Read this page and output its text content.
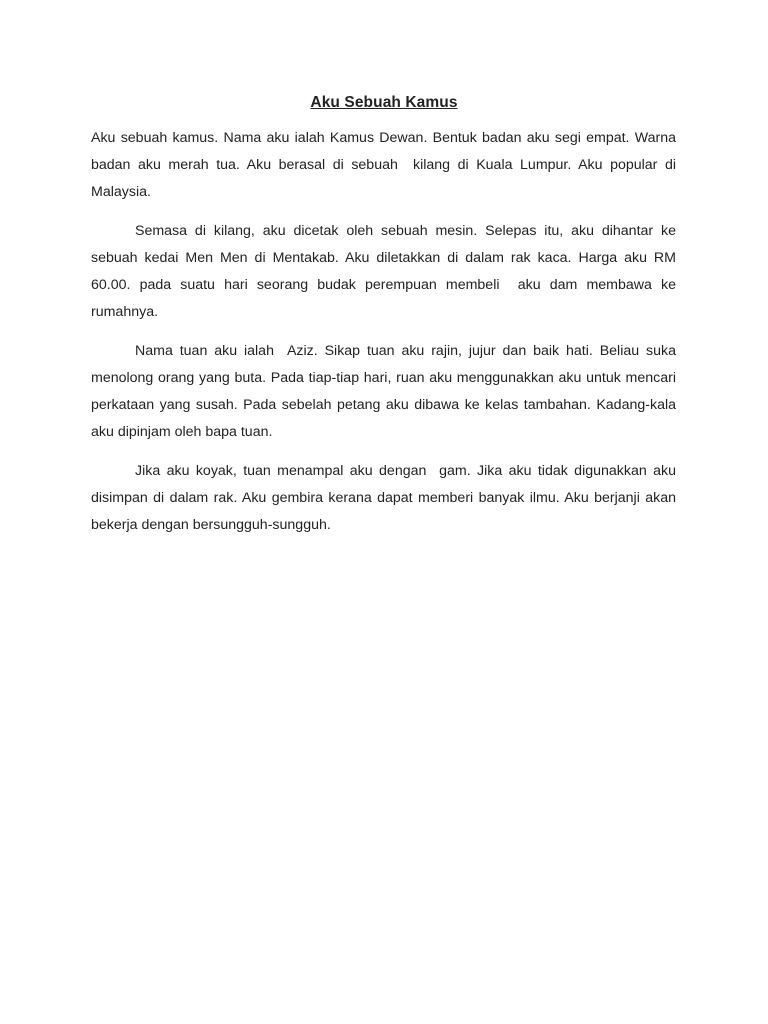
Aku Sebuah Kamus

Aku sebuah kamus. Nama aku ialah Kamus Dewan. Bentuk badan aku segi empat. Warna badan aku merah tua. Aku berasal di sebuah  kilang di Kuala Lumpur. Aku popular di Malaysia.

Semasa di kilang, aku dicetak oleh sebuah mesin. Selepas itu, aku dihantar ke sebuah kedai Men Men di Mentakab. Aku diletakkan di dalam rak kaca. Harga aku RM 60.00. pada suatu hari seorang budak perempuan membeli  aku dam membawa ke rumahnya.

Nama tuan aku ialah  Aziz. Sikap tuan aku rajin, jujur dan baik hati. Beliau suka menolong orang yang buta. Pada tiap-tiap hari, ruan aku menggunakkan aku untuk mencari perkataan yang susah. Pada sebelah petang aku dibawa ke kelas tambahan. Kadang-kala aku dipinjam oleh bapa tuan.

Jika aku koyak, tuan menampal aku dengan  gam. Jika aku tidak digunakkan aku disimpan di dalam rak. Aku gembira kerana dapat memberi banyak ilmu. Aku berjanji akan bekerja dengan bersungguh-sungguh.
